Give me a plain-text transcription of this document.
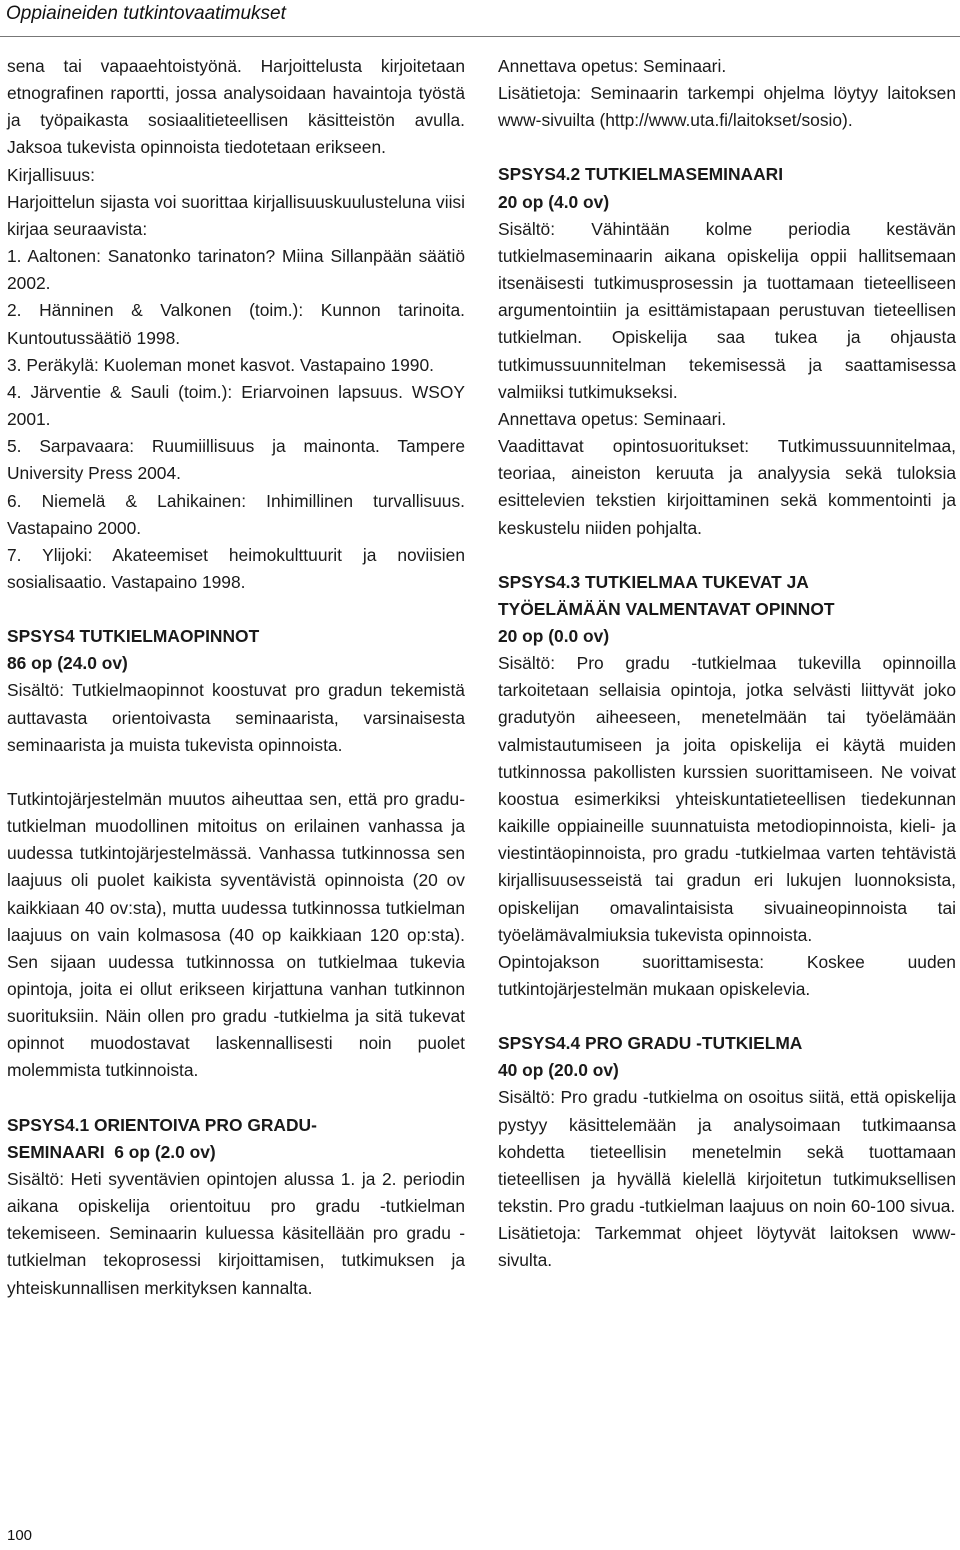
Oppiaineiden tutkintovaatimukset

sena tai vapaaehtoistyönä. Harjoittelusta kirjoitetaan etnografinen raportti, jossa analysoidaan havaintoja työstä ja työpaikasta sosiaalitieteellisen käsitteistön avulla. Jaksoa tukevista opinnoista tiedotetaan erikseen.

Kirjallisuus:

Harjoittelun sijasta voi suorittaa kirjallisuuskuulusteluna viisi kirjaa seuraavista:

1. Aaltonen: Sanatonko tarinaton? Miina Sillanpään säätiö 2002.

2. Hänninen & Valkonen (toim.): Kunnon tarinoita. Kuntoutussäätiö 1998.

3. Peräkylä: Kuoleman monet kasvot. Vastapaino 1990.

4. Järventie & Sauli (toim.): Eriarvoinen lapsuus. WSOY 2001.

5. Sarpavaara: Ruumiillisuus ja mainonta. Tampere University Press 2004.

6. Niemelä & Lahikainen: Inhimillinen turvallisuus. Vastapaino 2000.

7. Ylijoki: Akateemiset heimokulttuurit ja noviisien sosialisaatio. Vastapaino 1998.

SPSYS4 TUTKIELMAOPINNOT

86 op (24.0 ov)

Sisältö: Tutkielmaopinnot koostuvat pro gradun tekemistä auttavasta orientoivasta seminaarista, varsinaisesta seminaarista ja muista tukevista opinnoista.

Tutkintojärjestelmän muutos aiheuttaa sen, että pro gradu-tutkielman muodollinen mitoitus on erilainen vanhassa ja uudessa tutkintojärjestelmässä. Vanhassa tutkinnossa sen laajuus oli puolet kaikista syventävistä opinnoista (20 ov kaikkiaan 40 ov:sta), mutta uudessa tutkinnossa tutkielman laajuus on vain kolmasosa (40 op kaikkiaan 120 op:sta). Sen sijaan uudessa tutkinnossa on tutkielmaa tukevia opintoja, joita ei ollut erikseen kirjattuna vanhan tutkinnon suorituksiin. Näin ollen pro gradu -tutkielma ja sitä tukevat opinnot muodostavat laskennallisesti noin puolet molemmista tutkinnoista.

SPSYS4.1 ORIENTOIVA PRO GRADU-

SEMINAARI  6 op (2.0 ov)

Sisältö: Heti syventävien opintojen alussa 1. ja 2. periodin aikana opiskelija orientoituu pro gradu -tutkielman tekemiseen. Seminaarin kuluessa käsitellään pro gradu -tutkielman tekoprosessi kirjoittamisen, tutkimuksen ja yhteiskunnallisen merkityksen kannalta.

Annettava opetus: Seminaari.

Lisätietoja: Seminaarin tarkempi ohjelma löytyy laitoksen www-sivuilta (http://www.uta.fi/laitokset/sosio).

SPSYS4.2 TUTKIELMASEMINAARI

20 op (4.0 ov)

Sisältö: Vähintään kolme periodia kestävän tutkielmaseminaarin aikana opiskelija oppii hallitsemaan itsenäisesti tutkimusprosessin ja tuottamaan tieteelliseen argumentointiin ja esittämistapaan perustuvan tieteellisen tutkielman. Opiskelija saa tukea ja ohjausta tutkimussuunnitelman tekemisessä ja saattamisessa valmiiksi tutkimukseksi.

Annettava opetus: Seminaari.

Vaadittavat opintosuoritukset: Tutkimussuunnitelmaa, teoriaa, aineiston keruuta ja analyysia sekä tuloksia esittelevien tekstien kirjoittaminen sekä kommentointi ja keskustelu niiden pohjalta.

SPSYS4.3 TUTKIELMAA TUKEVAT JA

TYÖELÄMÄÄN VALMENTAVAT OPINNOT

20 op (0.0 ov)

Sisältö: Pro gradu -tutkielmaa tukevilla opinnoilla tarkoitetaan sellaisia opintoja, jotka selvästi liittyvät joko gradutyön aiheeseen, menetelmään tai työelämään valmistautumiseen ja joita opiskelija ei käytä muiden tutkinnossa pakollisten kurssien suorittamiseen. Ne voivat koostua esimerkiksi yhteiskuntatieteellisen tiedekunnan kaikille oppiaineille suunnatuista metodiopinnoista, kieli- ja viestintäopinnoista, pro gradu -tutkielmaa varten tehtävistä kirjallisuusesseistä tai gradun eri lukujen luonnoksista, opiskelijan omavalintaisista sivuaineopinnoista tai työelämävalmiuksia tukevista opinnoista.

Opintojakson suorittamisesta: Koskee uuden tutkintojärjestelmän mukaan opiskelevia.

SPSYS4.4 PRO GRADU -TUTKIELMA

40 op (20.0 ov)

Sisältö: Pro gradu -tutkielma on osoitus siitä, että opiskelija pystyy käsittelemään ja analysoimaan tutkimaansa kohdetta tieteellisin menetelmin sekä tuottamaan tieteellisen ja hyvällä kielellä kirjoitetun tutkimuksellisen tekstin. Pro gradu -tutkielman laajuus on noin 60-100 sivua.

Lisätietoja: Tarkemmat ohjeet löytyvät laitoksen www-sivulta.

100
